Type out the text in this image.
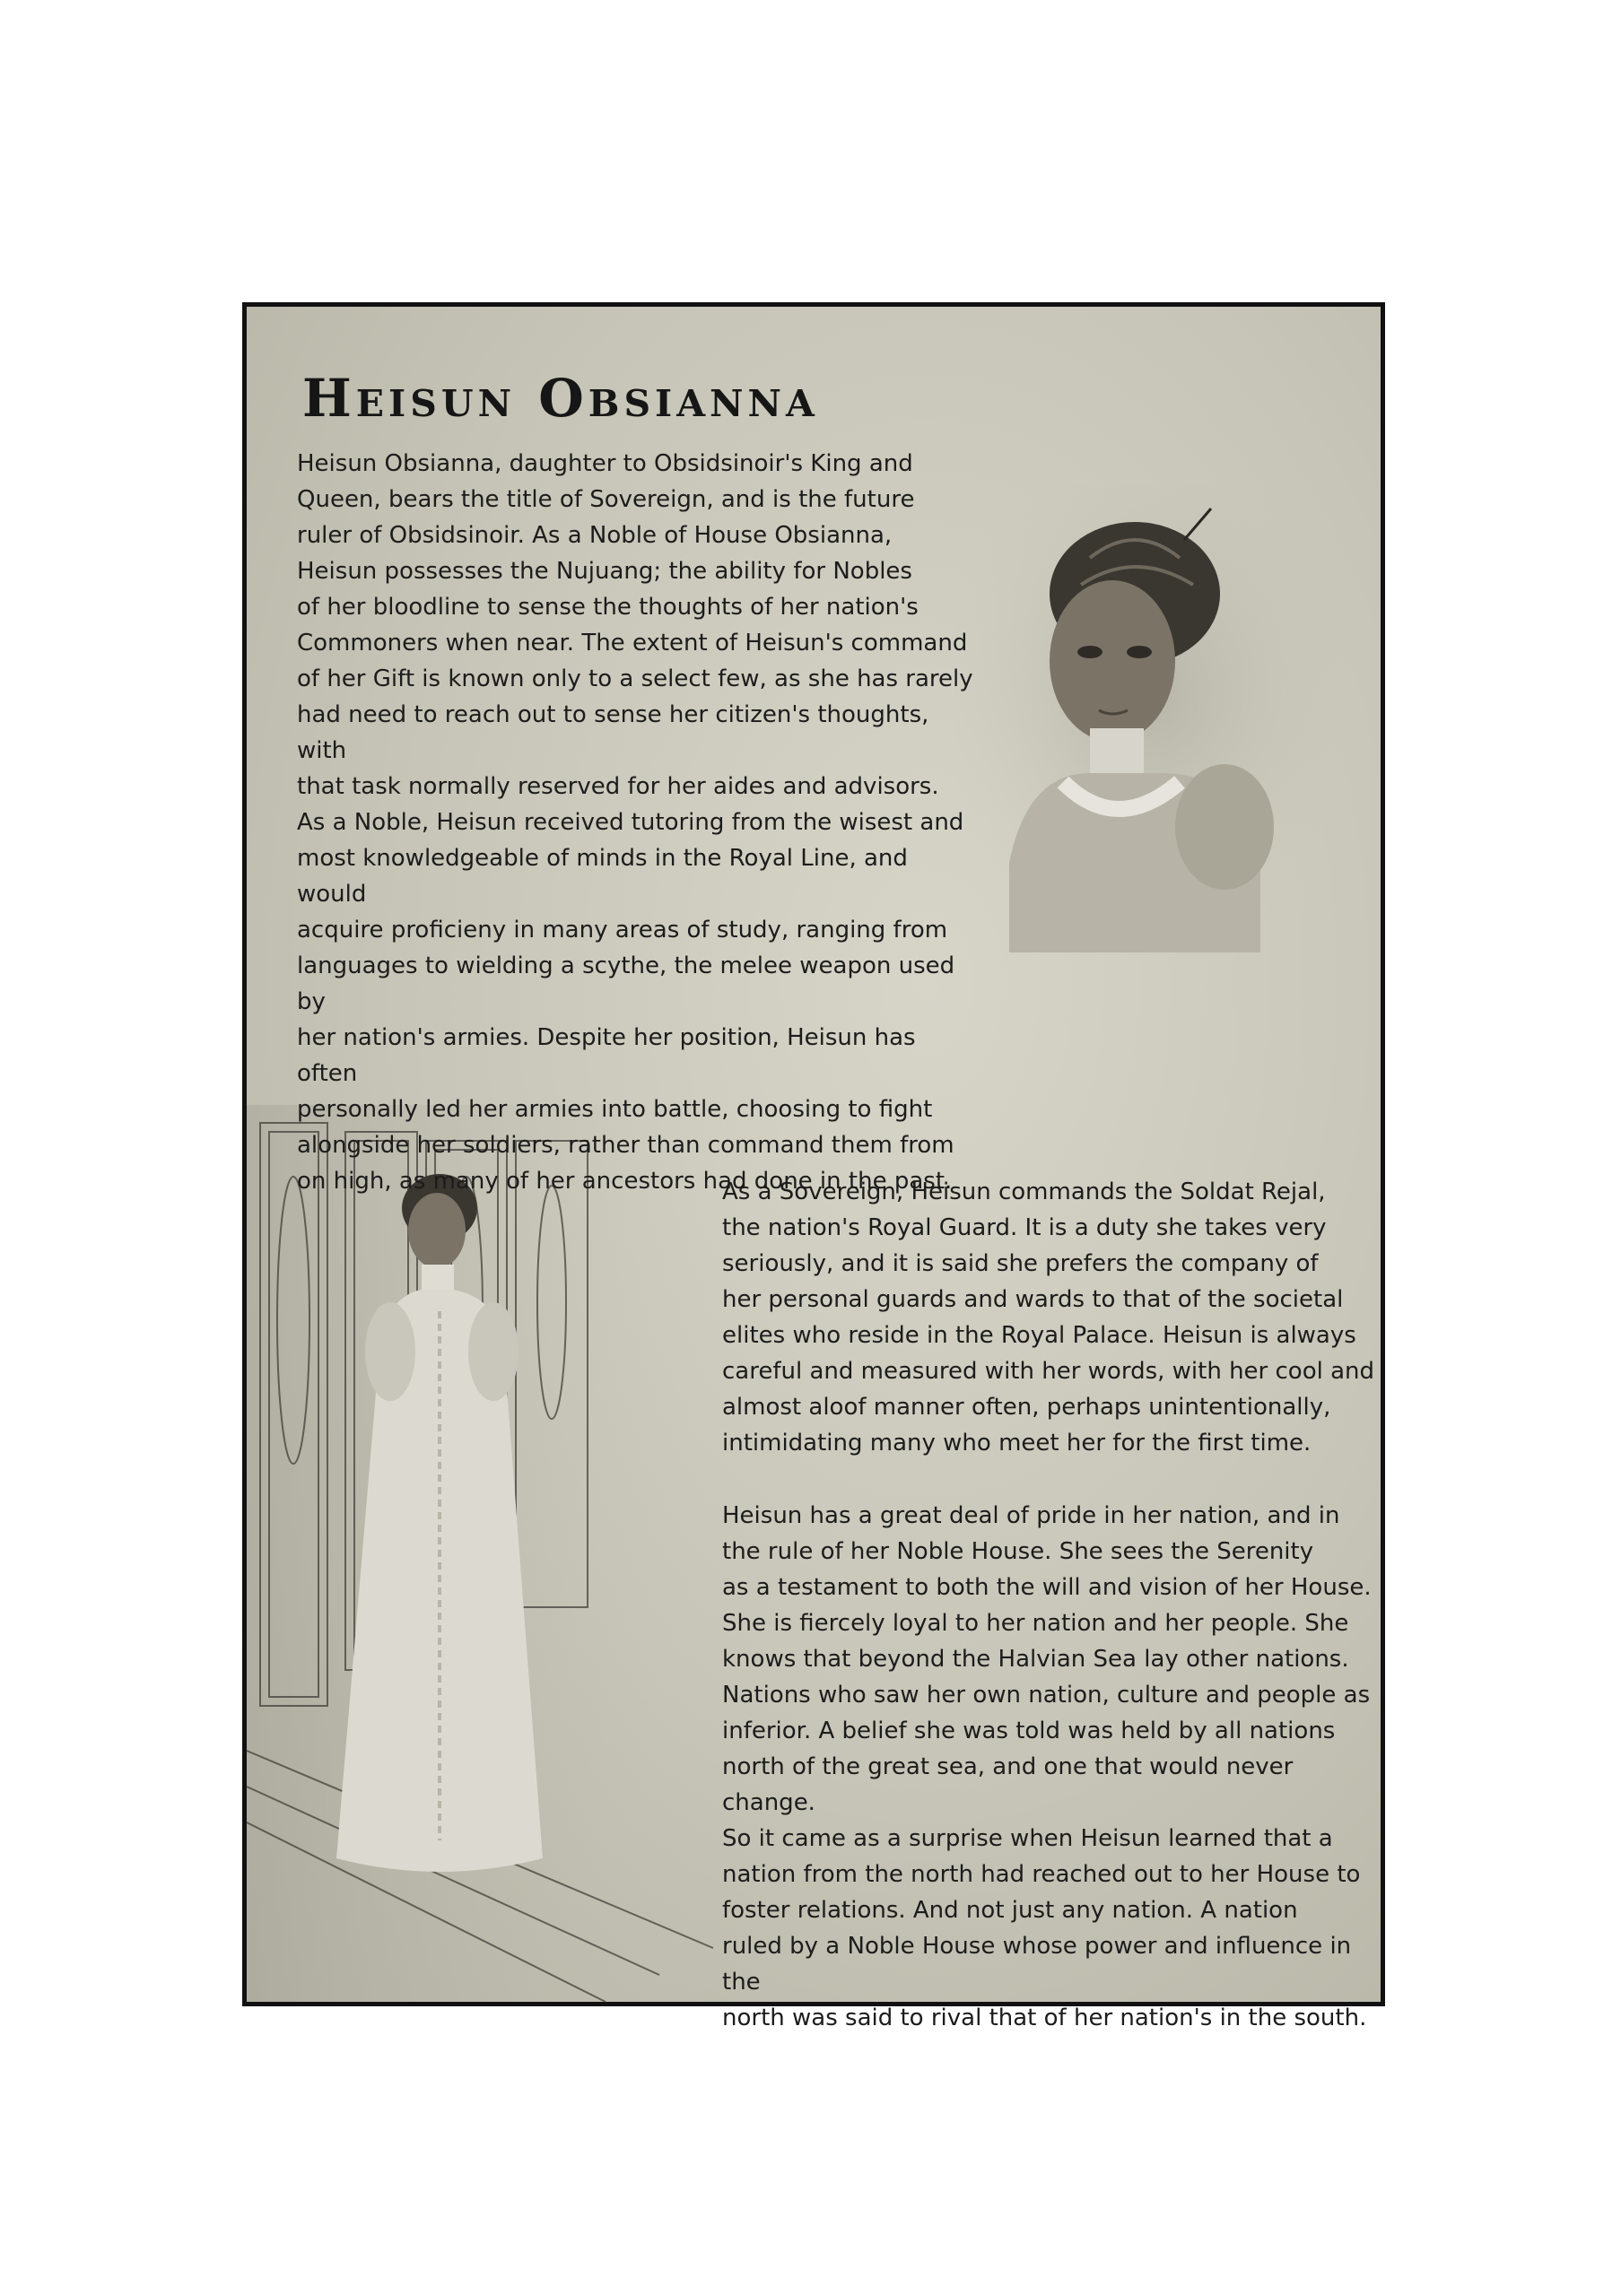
Heisun Obsianna

Heisun Obsianna, daughter to Obsidsinoir's King and
Queen, bears the title of Sovereign, and is the future
ruler of Obsidsinoir. As a Noble of House Obsianna,
Heisun possesses the Nujuang; the ability for Nobles
of her bloodline to sense the thoughts of her nation's
Commoners when near. The extent of Heisun's command
of her Gift is known only to a select few, as she has rarely
had need to reach out to sense her citizen's thoughts, with
that task normally reserved for her aides and advisors.

As a Noble, Heisun received tutoring from the wisest and
most knowledgeable of minds in the Royal Line, and would
acquire proficieny in many areas of study, ranging from
languages to wielding a scythe, the melee weapon used by
her nation's armies. Despite her position, Heisun has often
personally led her armies into battle, choosing to fight
alongside her soldiers, rather than command them from
on high, as many of her ancestors had done in the past.

As a Sovereign, Heisun commands the Soldat Rejal,
the nation's Royal Guard. It is a duty she takes very
seriously, and it is said she prefers the company of
her personal guards and wards to that of the societal
elites who reside in the Royal Palace. Heisun is always
careful and measured with her words, with her cool and
almost aloof manner often, perhaps unintentionally,
intimidating many who meet her for the first time.

Heisun has a great deal of pride in her nation, and in
the rule of her Noble House. She sees the Serenity
as a testament to both the will and vision of her House.
She is fiercely loyal to her nation and her people. She
knows that beyond the Halvian Sea lay other nations.
Nations who saw her own nation, culture and people as
inferior. A belief she was told was held by all nations
north of the great sea, and one that would never change.
So it came as a surprise when Heisun learned that a
nation from the north had reached out to her House to
foster relations. And not just any nation. A nation
ruled by a Noble House whose power and influence in the
north was said to rival that of her nation's in the south.
